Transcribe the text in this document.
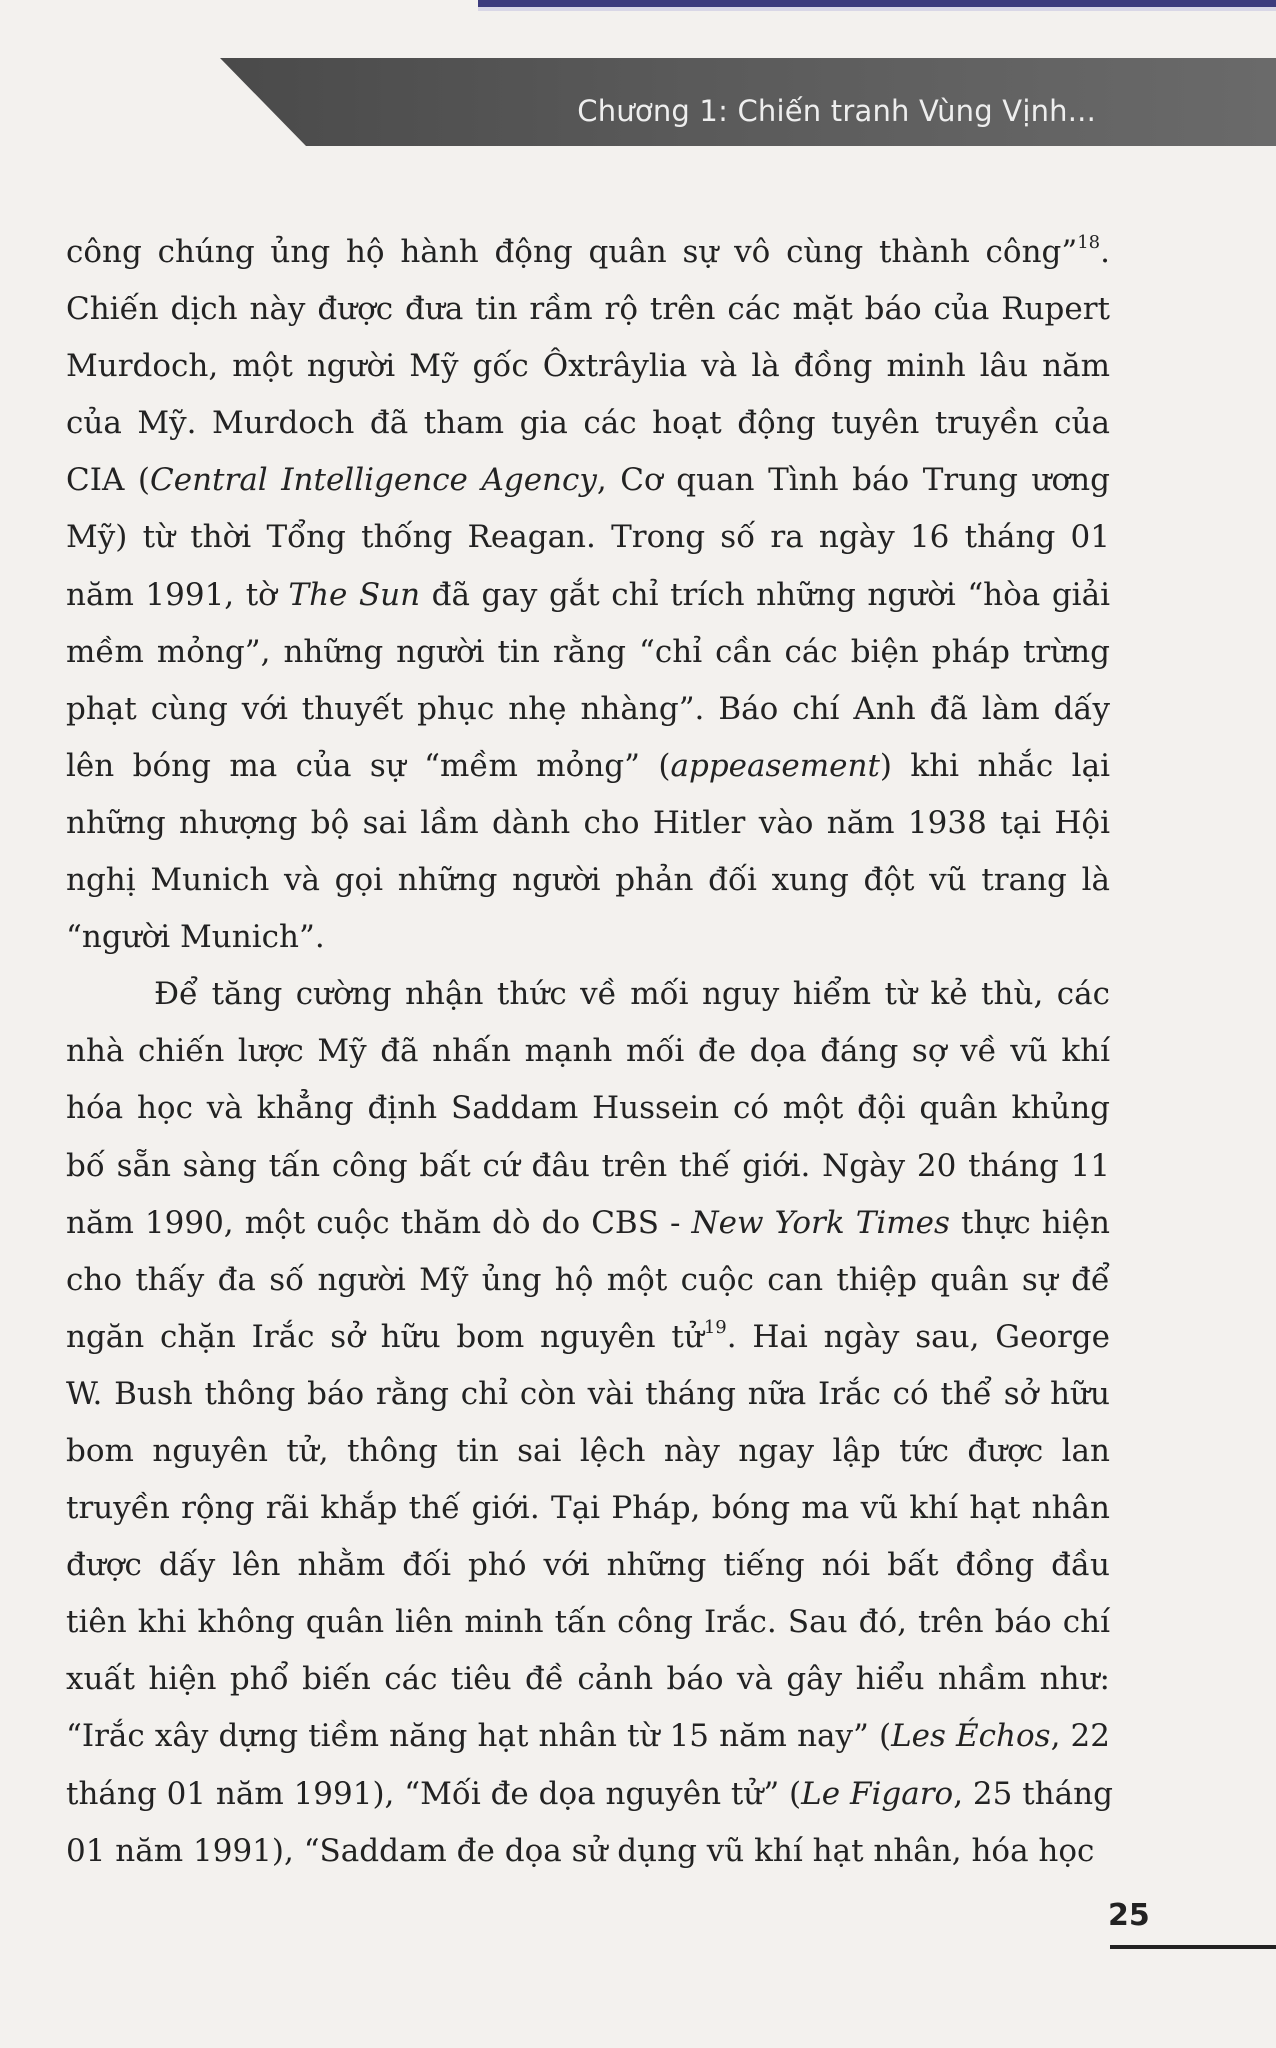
Chương 1: Chiến tranh Vùng Vịnh...
công chúng ủng hộ hành động quân sự vô cùng thành công”$^{18}$.
Chiến dịch này được đưa tin rầm rộ trên các mặt báo của Rupert
Murdoch, một người Mỹ gốc Ôxtrâylia và là đồng minh lâu năm
của Mỹ. Murdoch đã tham gia các hoạt động tuyên truyền của
CIA (Central Intelligence Agency, Cơ quan Tình báo Trung ương
Mỹ) từ thời Tổng thống Reagan. Trong số ra ngày 16 tháng 01
năm 1991, tờ The Sun đã gay gắt chỉ trích những người “hòa giải
mềm mỏng”, những người tin rằng “chỉ cần các biện pháp trừng
phạt cùng với thuyết phục nhẹ nhàng”. Báo chí Anh đã làm dấy
lên bóng ma của sự “mềm mỏng” (appeasement) khi nhắc lại
những nhượng bộ sai lầm dành cho Hitler vào năm 1938 tại Hội
nghị Munich và gọi những người phản đối xung đột vũ trang là
“người Munich”.
Để tăng cường nhận thức về mối nguy hiểm từ kẻ thù, các
nhà chiến lược Mỹ đã nhấn mạnh mối đe dọa đáng sợ về vũ khí
hóa học và khẳng định Saddam Hussein có một đội quân khủng
bố sẵn sàng tấn công bất cứ đâu trên thế giới. Ngày 20 tháng 11
năm 1990, một cuộc thăm dò do CBS - New York Times thực hiện
cho thấy đa số người Mỹ ủng hộ một cuộc can thiệp quân sự để
ngăn chặn Irắc sở hữu bom nguyên tử$^{19}$. Hai ngày sau, George
W. Bush thông báo rằng chỉ còn vài tháng nữa Irắc có thể sở hữu
bom nguyên tử, thông tin sai lệch này ngay lập tức được lan
truyền rộng rãi khắp thế giới. Tại Pháp, bóng ma vũ khí hạt nhân
được dấy lên nhằm đối phó với những tiếng nói bất đồng đầu
tiên khi không quân liên minh tấn công Irắc. Sau đó, trên báo chí
xuất hiện phổ biến các tiêu đề cảnh báo và gây hiểu nhầm như:
“Irắc xây dựng tiềm năng hạt nhân từ 15 năm nay” (Les Échos, 22
tháng 01 năm 1991), “Mối đe dọa nguyên tử” (Le Figaro, 25 tháng
01 năm 1991), “Saddam đe dọa sử dụng vũ khí hạt nhân, hóa học
25
